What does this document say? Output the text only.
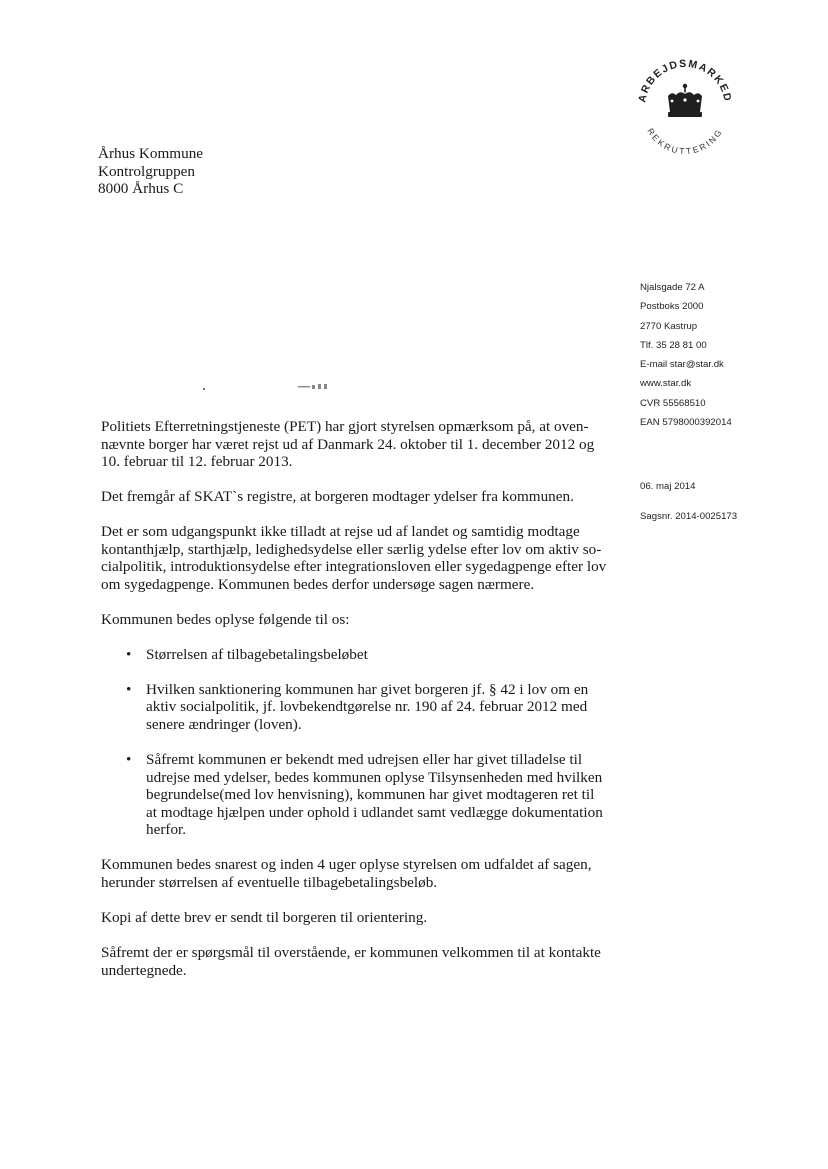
Århus Kommune
Kontrolgruppen
8000 Århus C
ARBEJDSMARKED
REKRUTTERING
Njalsgade 72 A
Postboks 2000
2770 Kastrup
Tlf. 35 28 81 00
E-mail star@star.dk
www.star.dk
CVR 55568510
EAN 5798000392014
06. maj 2014
Sagsnr. 2014-0025173

Politiets Efterretningstjeneste (PET) har gjort styrelsen opmærksom på, at oven-
nævnte borger har været rejst ud af Danmark 24. oktober til 1. december 2012 og
10. februar til 12. februar 2013.

Det fremgår af SKAT`s registre, at borgeren modtager ydelser fra kommunen.

Det er som udgangspunkt ikke tilladt at rejse ud af landet og samtidig modtage
kontanthjælp, starthjælp, ledighedsydelse eller særlig ydelse efter lov om aktiv so-
cialpolitik, introduktionsydelse efter integrationsloven eller sygedagpenge efter lov
om sygedagpenge. Kommunen bedes derfor undersøge sagen nærmere.

Kommunen bedes oplyse følgende til os:

• Størrelsen af tilbagebetalingsbeløbet
• Hvilken sanktionering kommunen har givet borgeren jf. § 42 i lov om en
aktiv socialpolitik, jf. lovbekendtgørelse nr. 190 af 24. februar 2012 med
senere ændringer (loven).
• Såfremt kommunen er bekendt med udrejsen eller har givet tilladelse til
udrejse med ydelser, bedes kommunen oplyse Tilsynsenheden med hvilken
begrundelse(med lov henvisning), kommunen har givet modtageren ret til
at modtage hjælpen under ophold i udlandet samt vedlægge dokumentation
herfor.

Kommunen bedes snarest og inden 4 uger oplyse styrelsen om udfaldet af sagen,
herunder størrelsen af eventuelle tilbagebetalingsbeløb.

Kopi af dette brev er sendt til borgeren til orientering.

Såfremt der er spørgsmål til overstående, er kommunen velkommen til at kontakte
undertegnede.
